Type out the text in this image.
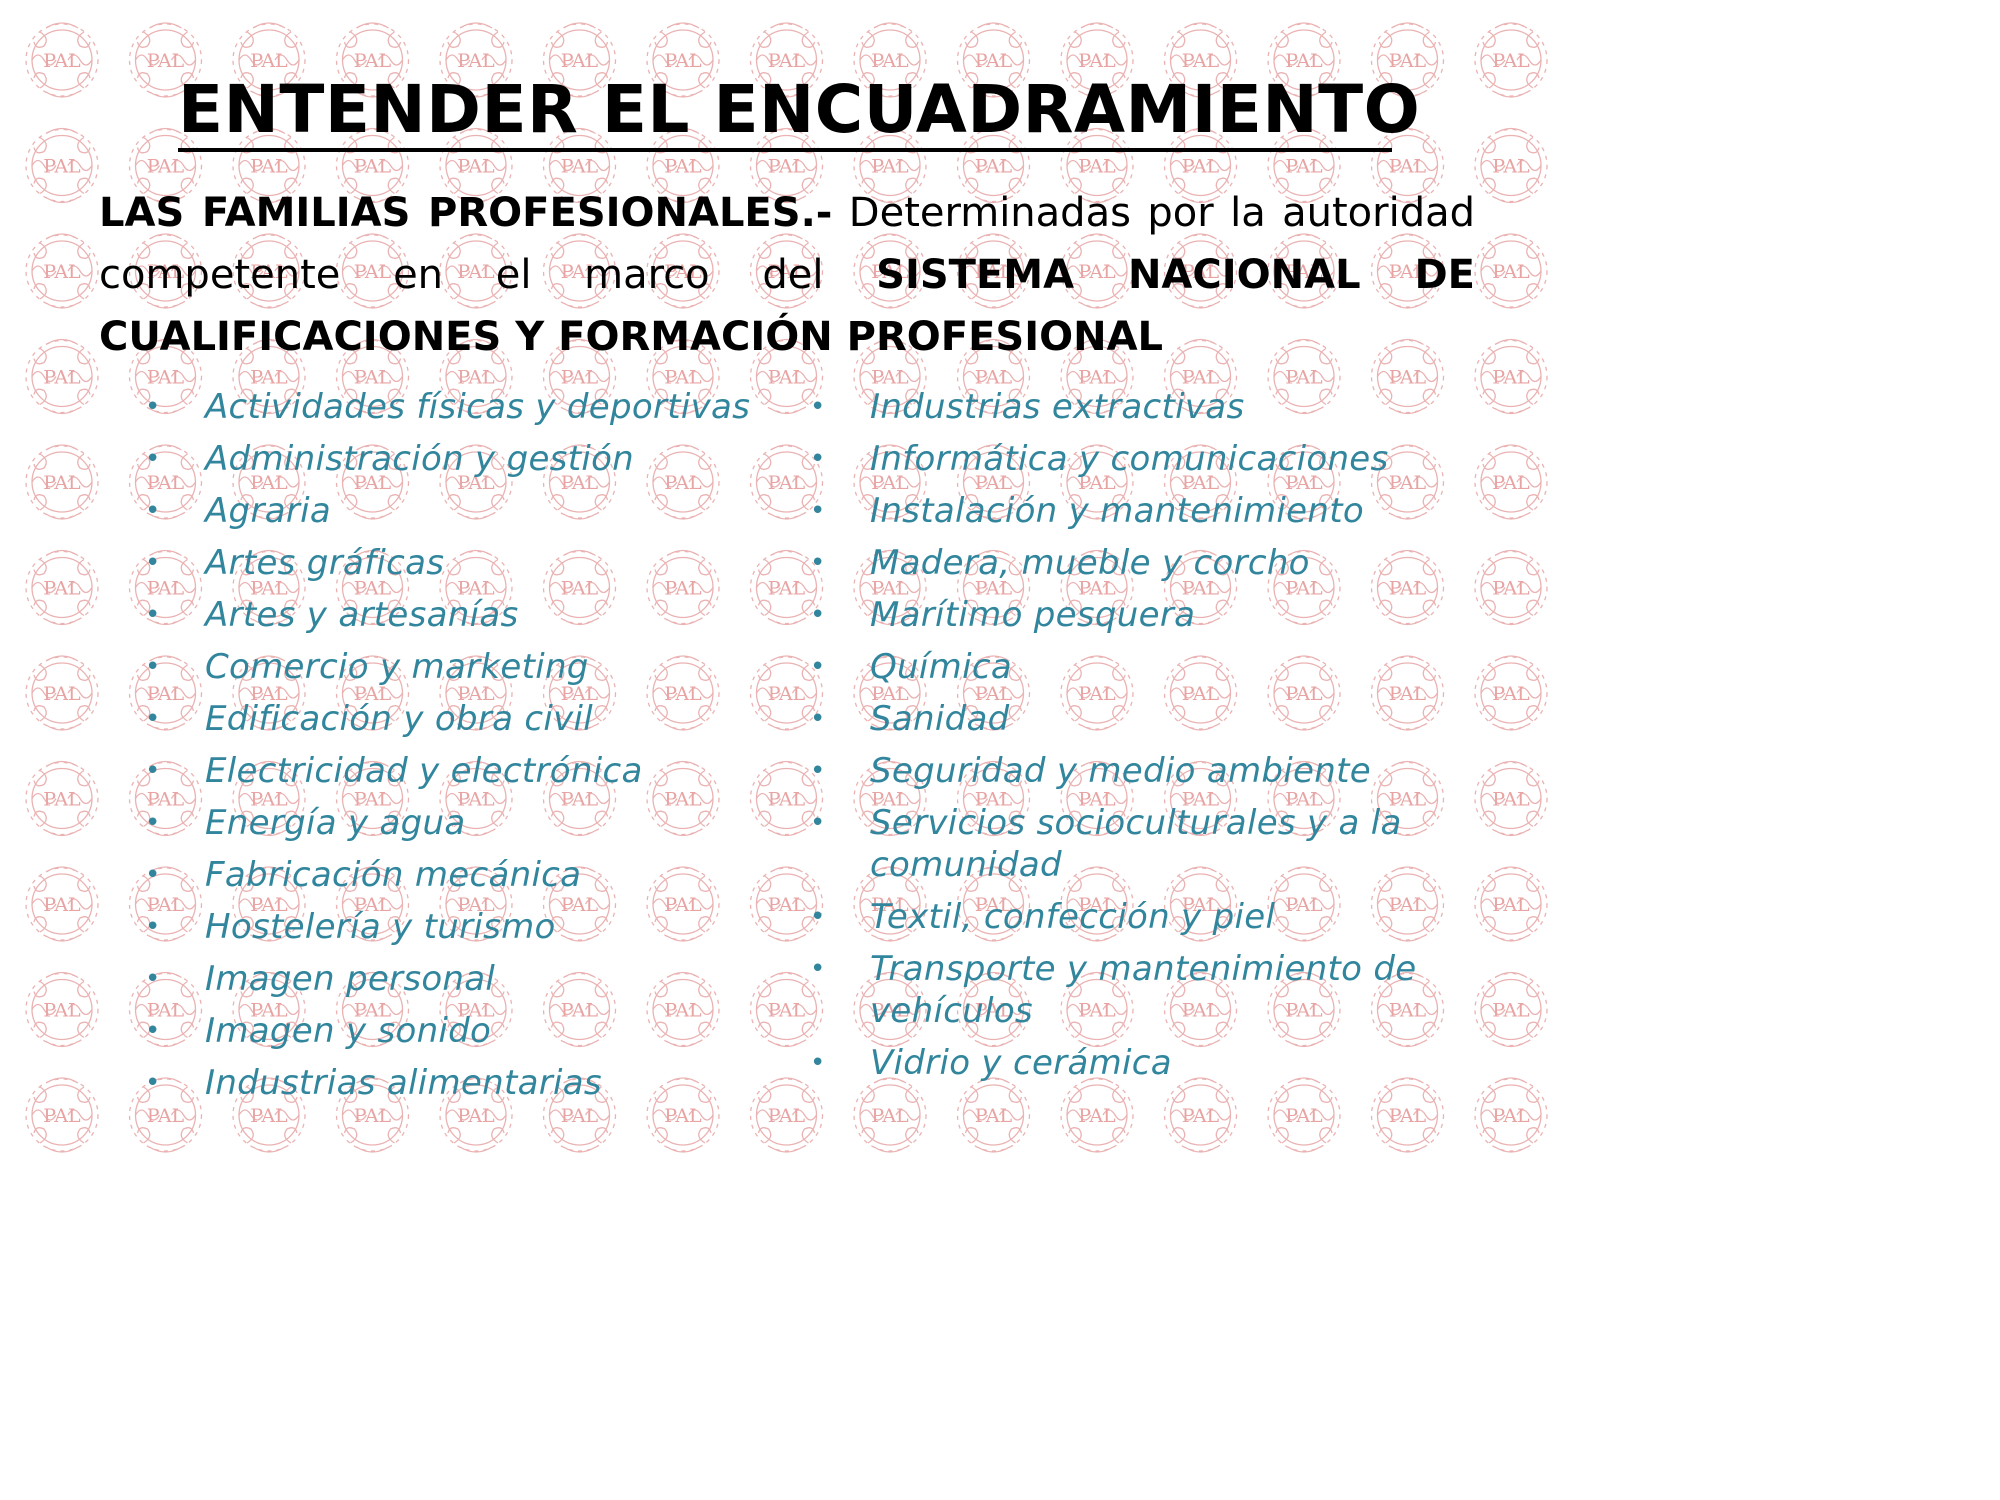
ENTENDER EL ENCUADRAMIENTO

LAS FAMILIAS PROFESIONALES.- Determinadas por la autoridad competente en el marco del SISTEMA NACIONAL DE CUALIFICACIONES Y FORMACIÓN PROFESIONAL

• Actividades físicas y deportivas
• Administración y gestión
• Agraria
• Artes gráficas
• Artes y artesanías
• Comercio y marketing
• Edificación y obra civil
• Electricidad y electrónica
• Energía y agua
• Fabricación mecánica
• Hostelería y turismo
• Imagen personal
• Imagen y sonido
• Industrias alimentarias
• Industrias extractivas
• Informática y comunicaciones
• Instalación y mantenimiento
• Madera, mueble y corcho
• Marítimo pesquera
• Química
• Sanidad
• Seguridad y medio ambiente
• Servicios socioculturales y a la comunidad
• Textil, confección y piel
• Transporte y mantenimiento de vehículos
• Vidrio y cerámica
